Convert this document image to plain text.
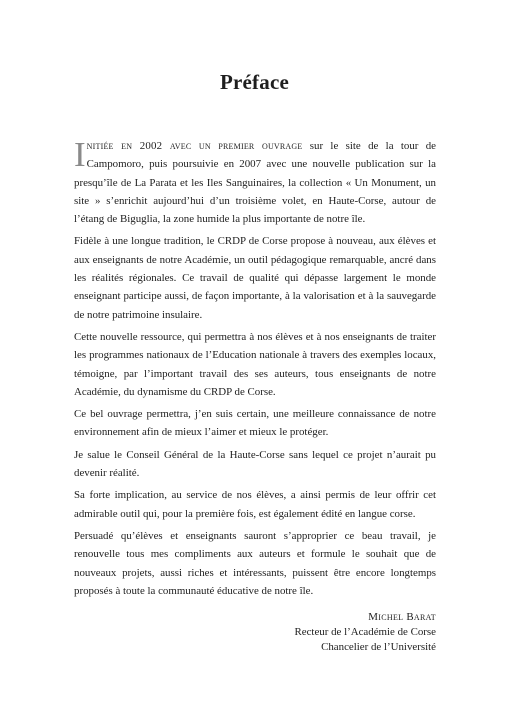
Préface

Initiée en 2002 avec un premier ouvrage sur le site de la tour de Campomoro, puis poursuivie en 2007 avec une nouvelle publication sur la presqu’île de La Parata et les Iles Sanguinaires, la collection « Un Monument, un site » s’enrichit aujourd’hui d’un troisième volet, en Haute-Corse, autour de l’étang de Biguglia, la zone humide la plus importante de notre île.

Fidèle à une longue tradition, le CRDP de Corse propose à nouveau, aux élèves et aux enseignants de notre Académie, un outil pédagogique remarquable, ancré dans les réalités régionales. Ce travail de qualité qui dépasse largement le monde enseignant participe aussi, de façon importante, à la valorisation et à la sauvegarde de notre patrimoine insulaire.

Cette nouvelle ressource, qui permettra à nos élèves et à nos enseignants de traiter les programmes nationaux de l’Education nationale à travers des exemples locaux, témoigne, par l’important travail des ses auteurs, tous enseignants de notre Académie, du dynamisme du CRDP de Corse.

Ce bel ouvrage permettra, j’en suis certain, une meilleure connaissance de notre environnement afin de mieux l’aimer et mieux le protéger.

Je salue le Conseil Général de la Haute-Corse sans lequel ce projet n’aurait pu devenir réalité.

Sa forte implication, au service de nos élèves, a ainsi permis de leur offrir cet admirable outil qui, pour la première fois, est également édité en langue corse.

Persuadé qu’élèves et enseignants sauront s’approprier ce beau travail, je renouvelle tous mes compliments aux auteurs et formule le souhait que de nouveaux projets, aussi riches et intéressants, puissent être encore longtemps proposés à toute la communauté éducative de notre île.

Michel Barat
Recteur de l’Académie de Corse
Chancelier de l’Université
